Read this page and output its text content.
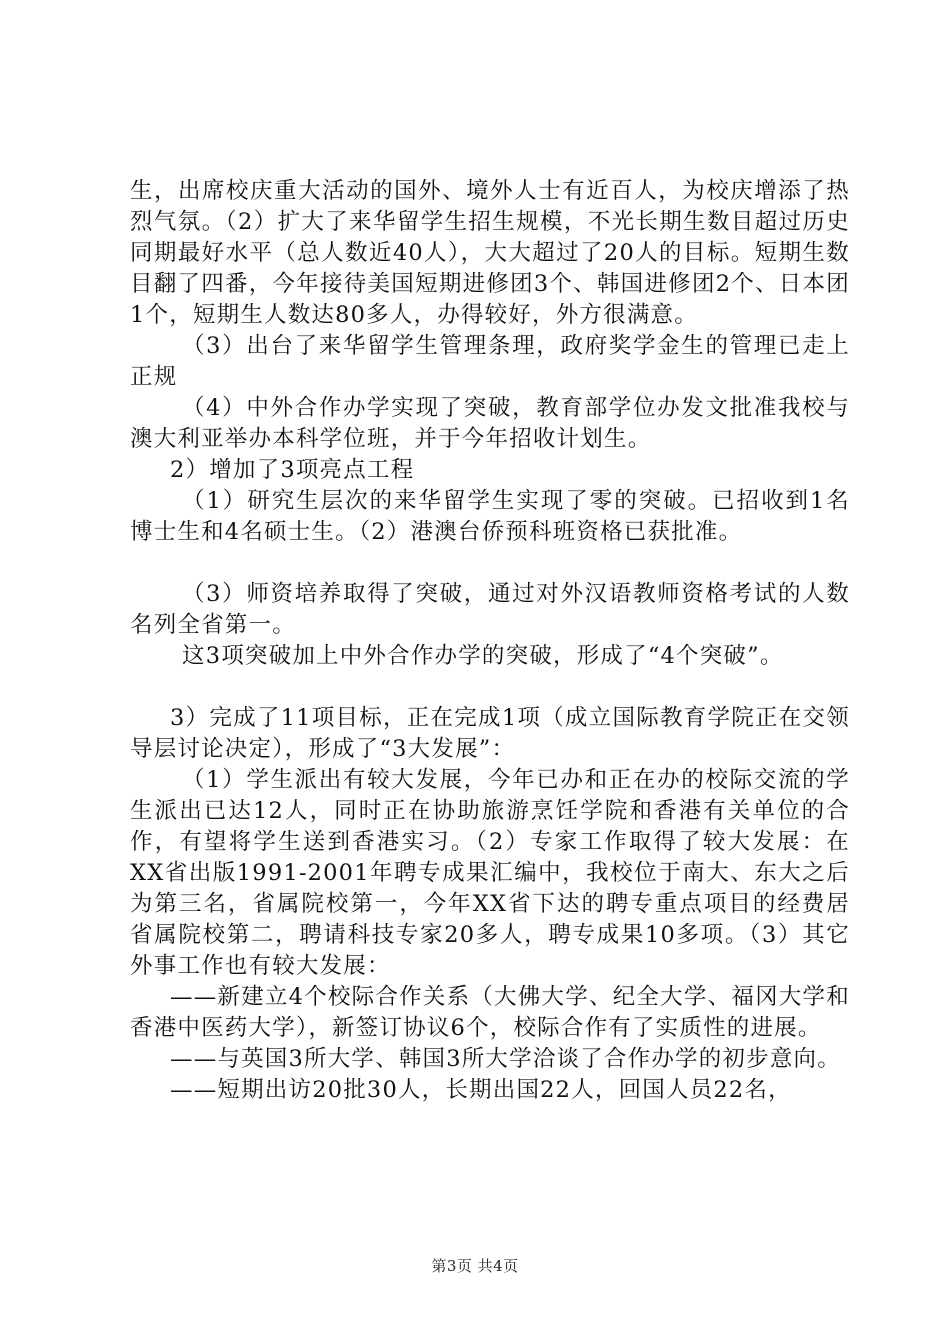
生，出席校庆重大活动的国外、境外人士有近百人，为校庆增添了热烈气氛。（2）扩大了来华留学生招生规模，不光长期生数目超过历史同期最好水平（总人数近40人），大大超过了20人的目标。短期生数目翻了四番，今年接待美国短期进修团3个、韩国进修团2个、日本团1个，短期生人数达80多人，办得较好，外方很满意。

（3）出台了来华留学生管理条理，政府奖学金生的管理已走上正规

（4）中外合作办学实现了突破，教育部学位办发文批准我校与澳大利亚举办本科学位班，并于今年招收计划生。

2）增加了3项亮点工程

（1）研究生层次的来华留学生实现了零的突破。已招收到1名博士生和4名硕士生。（2）港澳台侨预科班资格已获批准。

（3）师资培养取得了突破，通过对外汉语教师资格考试的人数名列全省第一。

这3项突破加上中外合作办学的突破，形成了“4个突破”。

3）完成了11项目标，正在完成1项（成立国际教育学院正在交领导层讨论决定），形成了“3大发展”：

（1）学生派出有较大发展，今年已办和正在办的校际交流的学生派出已达12人，同时正在协助旅游烹饪学院和香港有关单位的合作，有望将学生送到香港实习。（2）专家工作取得了较大发展：在XX省出版1991-2001年聘专成果汇编中，我校位于南大、东大之后为第三名，省属院校第一，今年XX省下达的聘专重点项目的经费居省属院校第二，聘请科技专家20多人，聘专成果10多项。（3）其它外事工作也有较大发展：

——新建立4个校际合作关系（大佛大学、纪全大学、福冈大学和香港中医药大学），新签订协议6个，校际合作有了实质性的进展。

——与英国3所大学、韩国3所大学洽谈了合作办学的初步意向。

——短期出访20批30人，长期出国22人，回国人员22名，

第3页 共4页
